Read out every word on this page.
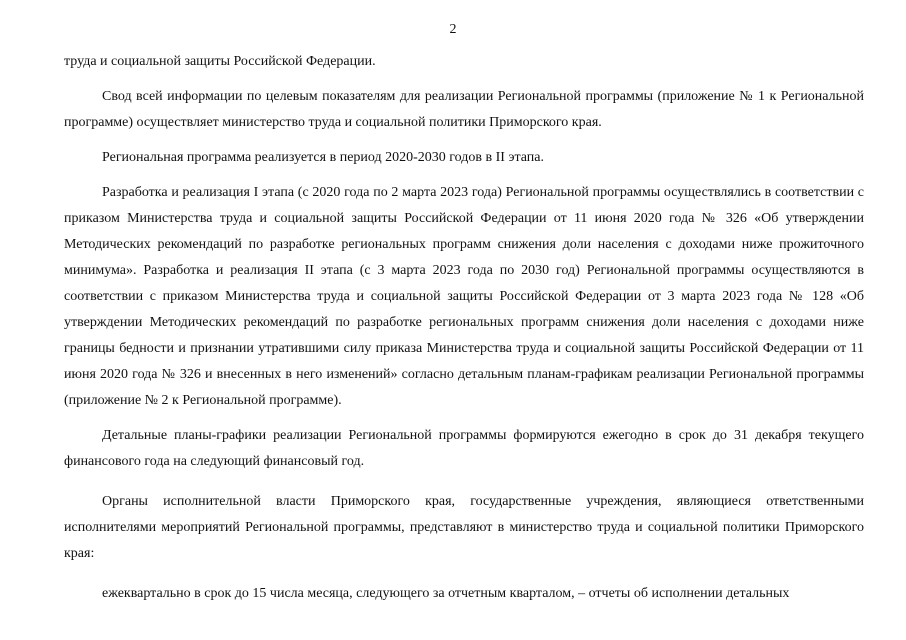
2

труда и социальной защиты Российской Федерации.

Свод всей информации по целевым показателям для реализации Региональной программы (приложение № 1 к Региональной программе) осуществляет министерство труда и социальной политики Приморского края.

Региональная программа реализуется в период 2020-2030 годов в II этапа.

Разработка и реализация I этапа (с 2020 года по 2 марта 2023 года) Региональной программы осуществлялись в соответствии с приказом Министерства труда и социальной защиты Российской Федерации от 11 июня 2020 года № 326 «Об утверждении Методических рекомендаций по разработке региональных программ снижения доли населения с доходами ниже прожиточного минимума». Разработка и реализация II этапа (с 3 марта 2023 года по 2030 год) Региональной программы осуществляются в соответствии с приказом Министерства труда и социальной защиты Российской Федерации от 3 марта 2023 года № 128 «Об утверждении Методических рекомендаций по разработке региональных программ снижения доли населения с доходами ниже границы бедности и признании утратившими силу приказа Министерства труда и социальной защиты Российской Федерации от 11 июня 2020 года № 326 и внесенных в него изменений» согласно детальным планам-графикам реализации Региональной программы (приложение № 2 к Региональной программе).

Детальные планы-графики реализации Региональной программы формируются ежегодно в срок до 31 декабря текущего финансового года на следующий финансовый год.

Органы исполнительной власти Приморского края, государственные учреждения, являющиеся ответственными исполнителями мероприятий Региональной программы, представляют в министерство труда и социальной политики Приморского края:

ежеквартально в срок до 15 числа месяца, следующего за отчетным кварталом, – отчеты об исполнении детальных
